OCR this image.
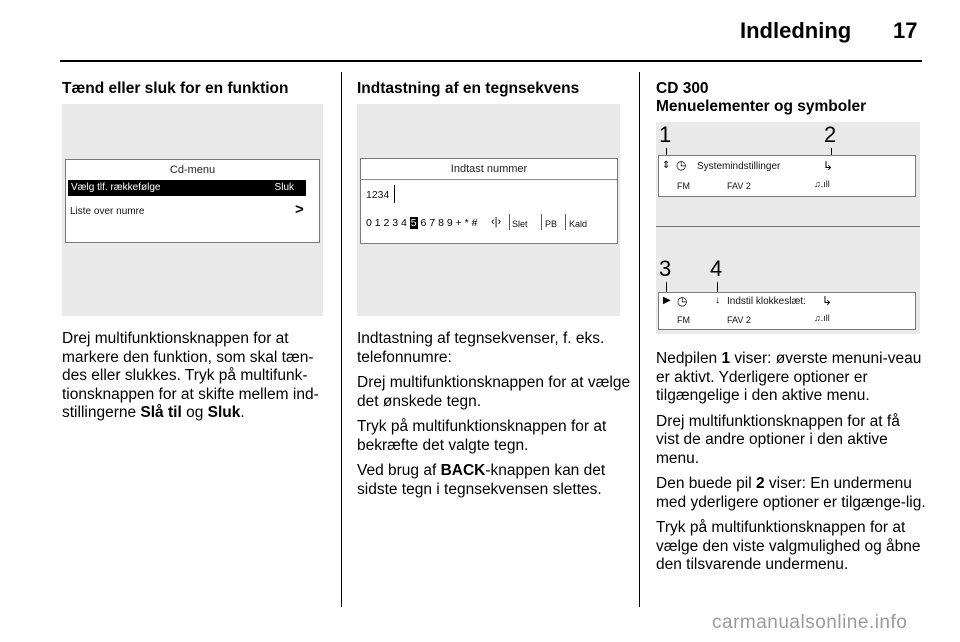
Indledning 17
Tænd eller sluk for en funktion
Cd-menu
Vælg tlf. rækkefølge	Sluk
Liste over numre	>
Drej multifunktionsknappen for at
markere den funktion, som skal tæn-
des eller slukkes. Tryk på multifunk-
tionsknappen for at skifte mellem ind-
stillingerne Slå til og Sluk.
Indtastning af en tegnsekvens
Indtast nummer
1234
0 1 2 3 4 5 6 7 8 9 + * # ‹|› Slet PB Kald

Indtastning af tegnsekvenser, f. eks. telefonnumre:

Drej multifunktionsknappen for at vælge det ønskede tegn.

Tryk på multifunktionsknappen for at bekræfte det valgte tegn.

Ved brug af BACK-knappen kan det sidste tegn i tegnsekvensen slettes.

CD 300
Menuelementer og symboler
1	2
⇕ ◷ Systemindstillinger	↳
FM	FAV 2	♫.ıll
3 4
▶ ◷	↓ Indstil klokkeslæt: ↳
FM	FAV 2	♫.ıll

Nedpilen 1 viser: øverste menuni-veau er aktivt. Yderligere optioner er tilgængelige i den aktive menu.

Drej multifunktionsknappen for at få vist de andre optioner i den aktive menu.

Den buede pil 2 viser: En undermenu med yderligere optioner er tilgænge-lig.

Tryk på multifunktionsknappen for at vælge den viste valgmulighed og åbne den tilsvarende undermenu.

carmanualsonline.info
